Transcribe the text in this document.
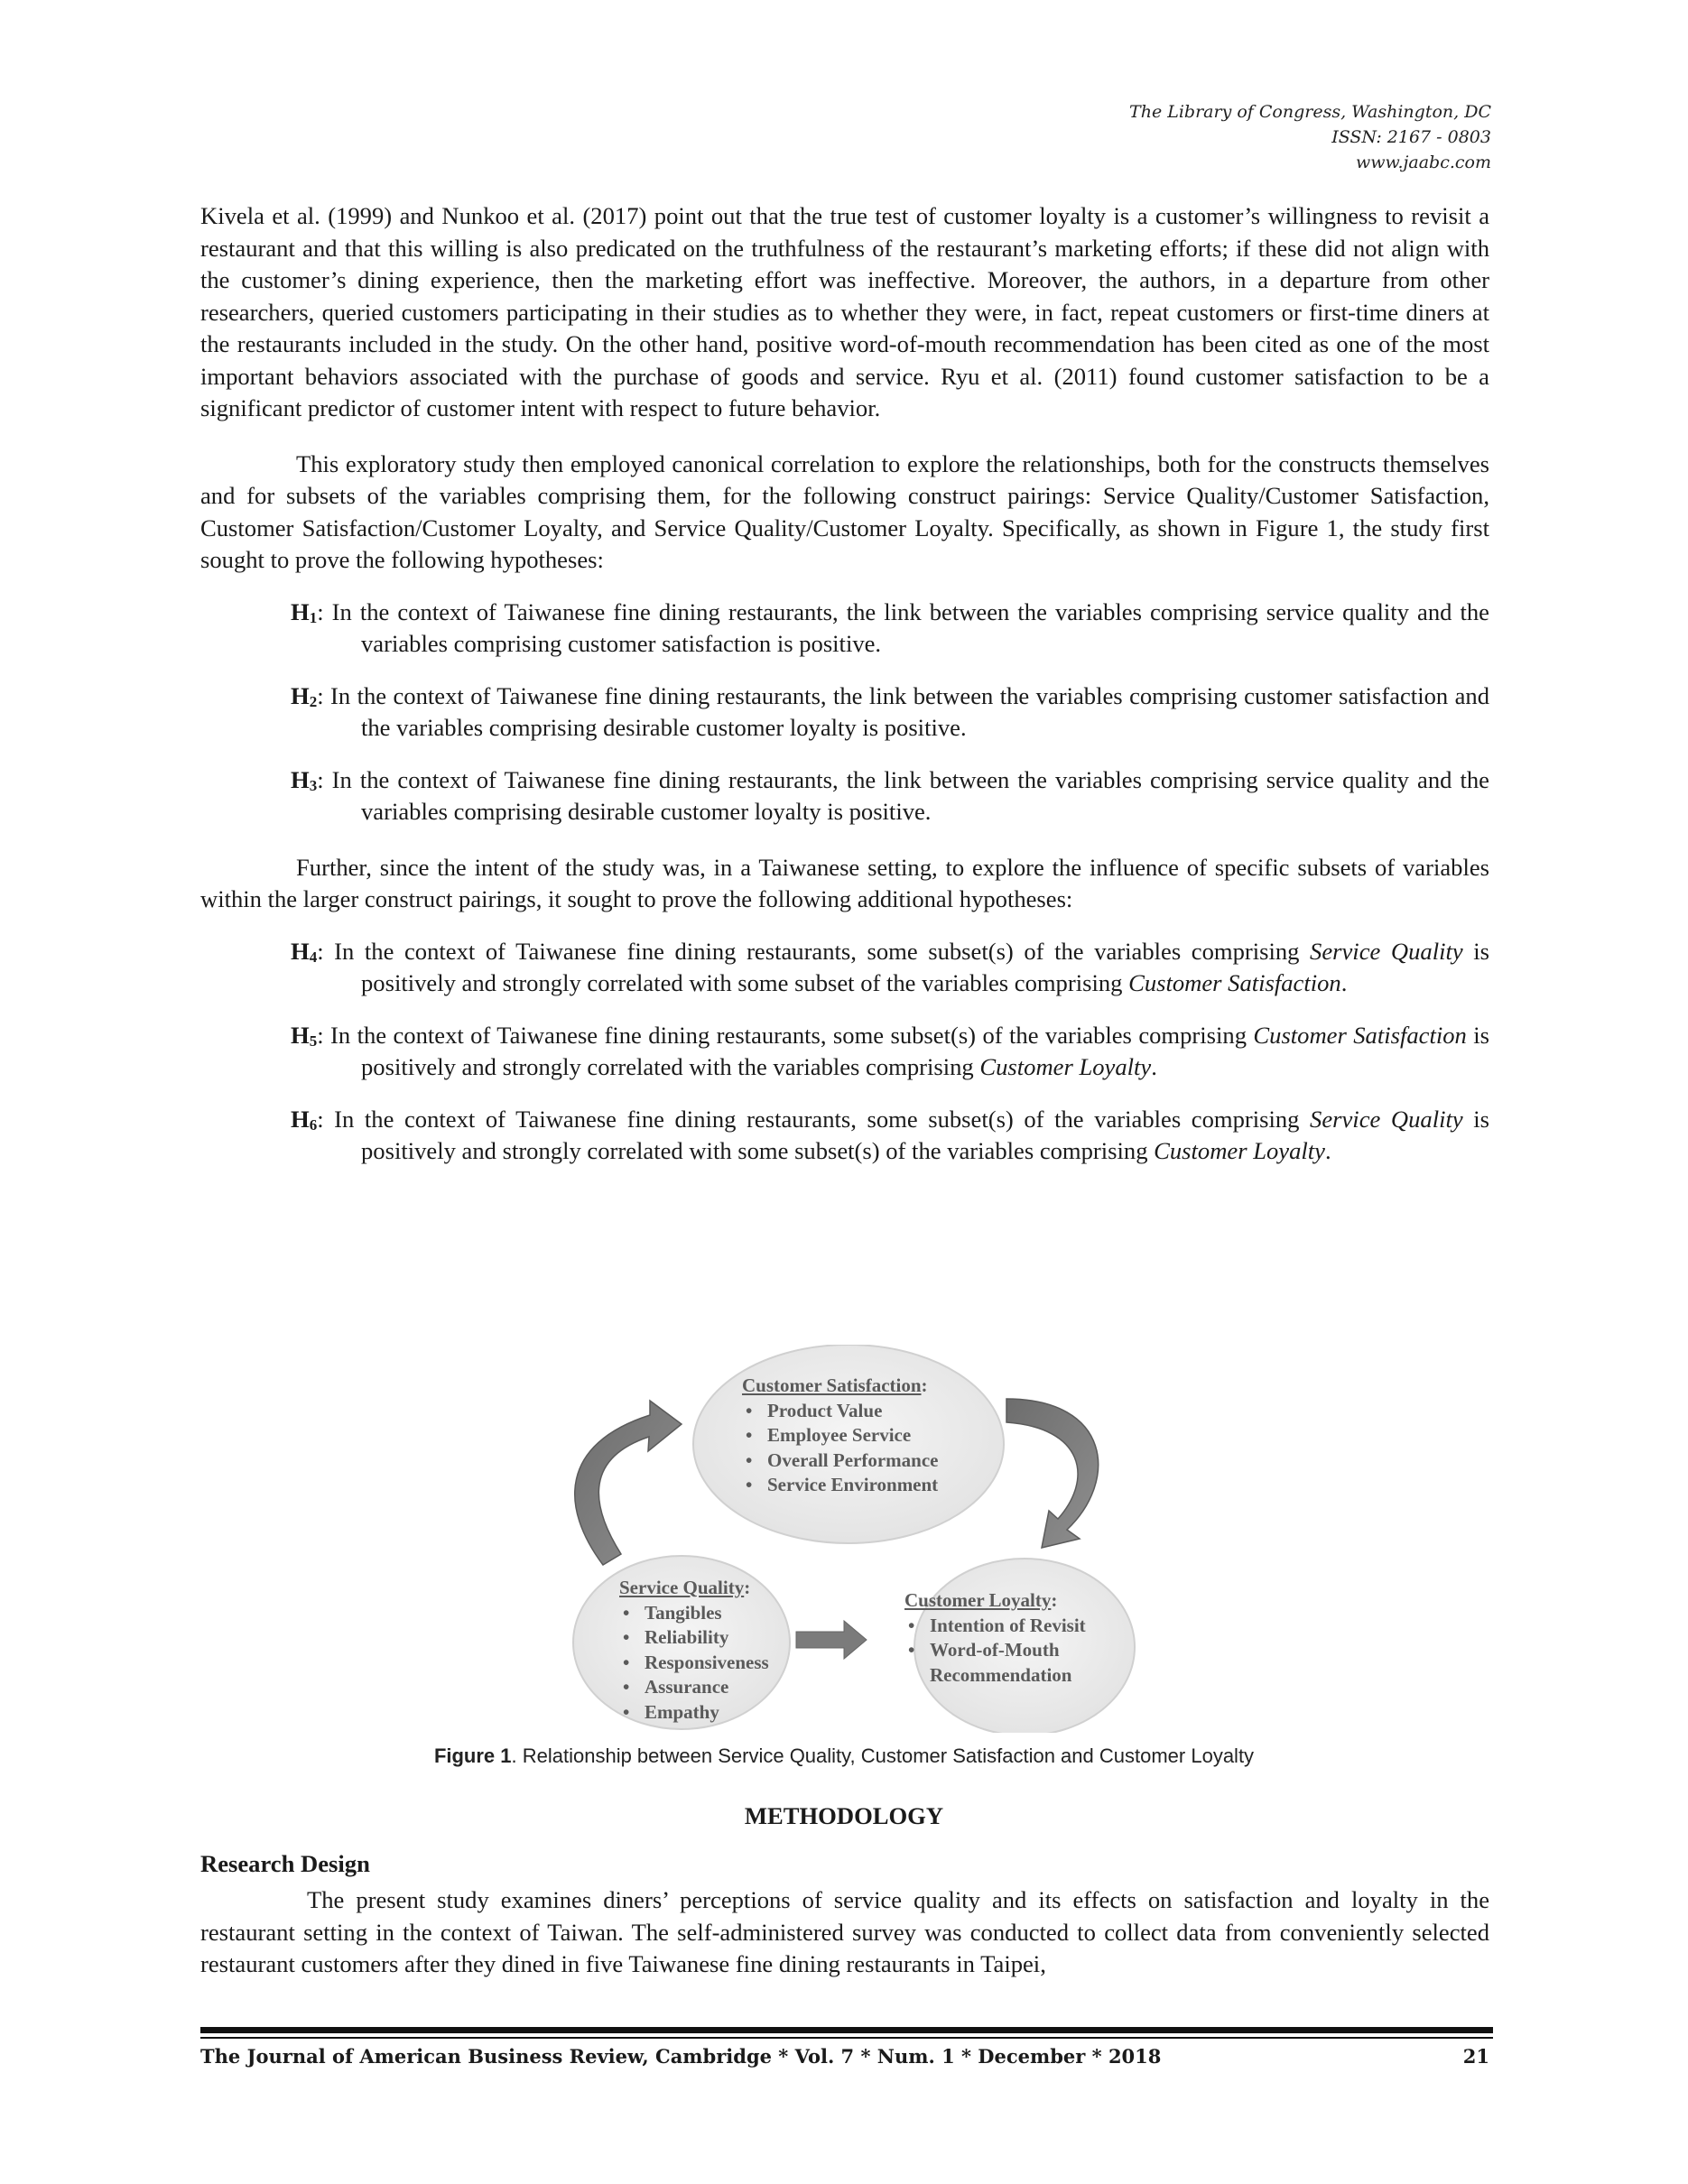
The Library of Congress, Washington, DC
ISSN: 2167 - 0803
www.jaabc.com

Kivela et al. (1999) and Nunkoo et al. (2017) point out that the true test of customer loyalty is a customer’s willingness to revisit a restaurant and that this willing is also predicated on the truthfulness of the restaurant’s marketing efforts; if these did not align with the customer’s dining experience, then the marketing effort was ineffective. Moreover, the authors, in a departure from other researchers, queried customers participating in their studies as to whether they were, in fact, repeat customers or first-time diners at the restaurants included in the study. On the other hand, positive word-of-mouth recommendation has been cited as one of the most important behaviors associated with the purchase of goods and service. Ryu et al. (2011) found customer satisfaction to be a significant predictor of customer intent with respect to future behavior.

This exploratory study then employed canonical correlation to explore the relationships, both for the constructs themselves and for subsets of the variables comprising them, for the following construct pairings: Service Quality/Customer Satisfaction, Customer Satisfaction/Customer Loyalty, and Service Quality/Customer Loyalty. Specifically, as shown in Figure 1, the study first sought to prove the following hypotheses:

$H_1$: In the context of Taiwanese fine dining restaurants, the link between the variables comprising service quality and the variables comprising customer satisfaction is positive.

$H_2$: In the context of Taiwanese fine dining restaurants, the link between the variables comprising customer satisfaction and the variables comprising desirable customer loyalty is positive.

$H_3$: In the context of Taiwanese fine dining restaurants, the link between the variables comprising service quality and the variables comprising desirable customer loyalty is positive.

Further, since the intent of the study was, in a Taiwanese setting, to explore the influence of specific subsets of variables within the larger construct pairings, it sought to prove the following additional hypotheses:

$H_4$: In the context of Taiwanese fine dining restaurants, some subset(s) of the variables comprising Service Quality is positively and strongly correlated with some subset of the variables comprising Customer Satisfaction.

$H_5$: In the context of Taiwanese fine dining restaurants, some subset(s) of the variables comprising Customer Satisfaction is positively and strongly correlated with the variables comprising Customer Loyalty.

$H_6$: In the context of Taiwanese fine dining restaurants, some subset(s) of the variables comprising Service Quality is positively and strongly correlated with some subset(s) of the variables comprising Customer Loyalty.

Customer Satisfaction:
• Product Value
• Employee Service
• Overall Performance
• Service Environment
Service Quality:
• Tangibles
• Reliability
• Responsiveness
• Assurance
• Empathy
Customer Loyalty:
• Intention of Revisit
• Word-of-Mouth Recommendation
Figure 1. Relationship between Service Quality, Customer Satisfaction and Customer Loyalty
METHODOLOGY
Research Design

The present study examines diners’ perceptions of service quality and its effects on satisfaction and loyalty in the restaurant setting in the context of Taiwan. The self-administered survey was conducted to collect data from conveniently selected restaurant customers after they dined in five Taiwanese fine dining restaurants in Taipei,

The Journal of American Business Review, Cambridge * Vol. 7 * Num. 1 * December * 2018	21
